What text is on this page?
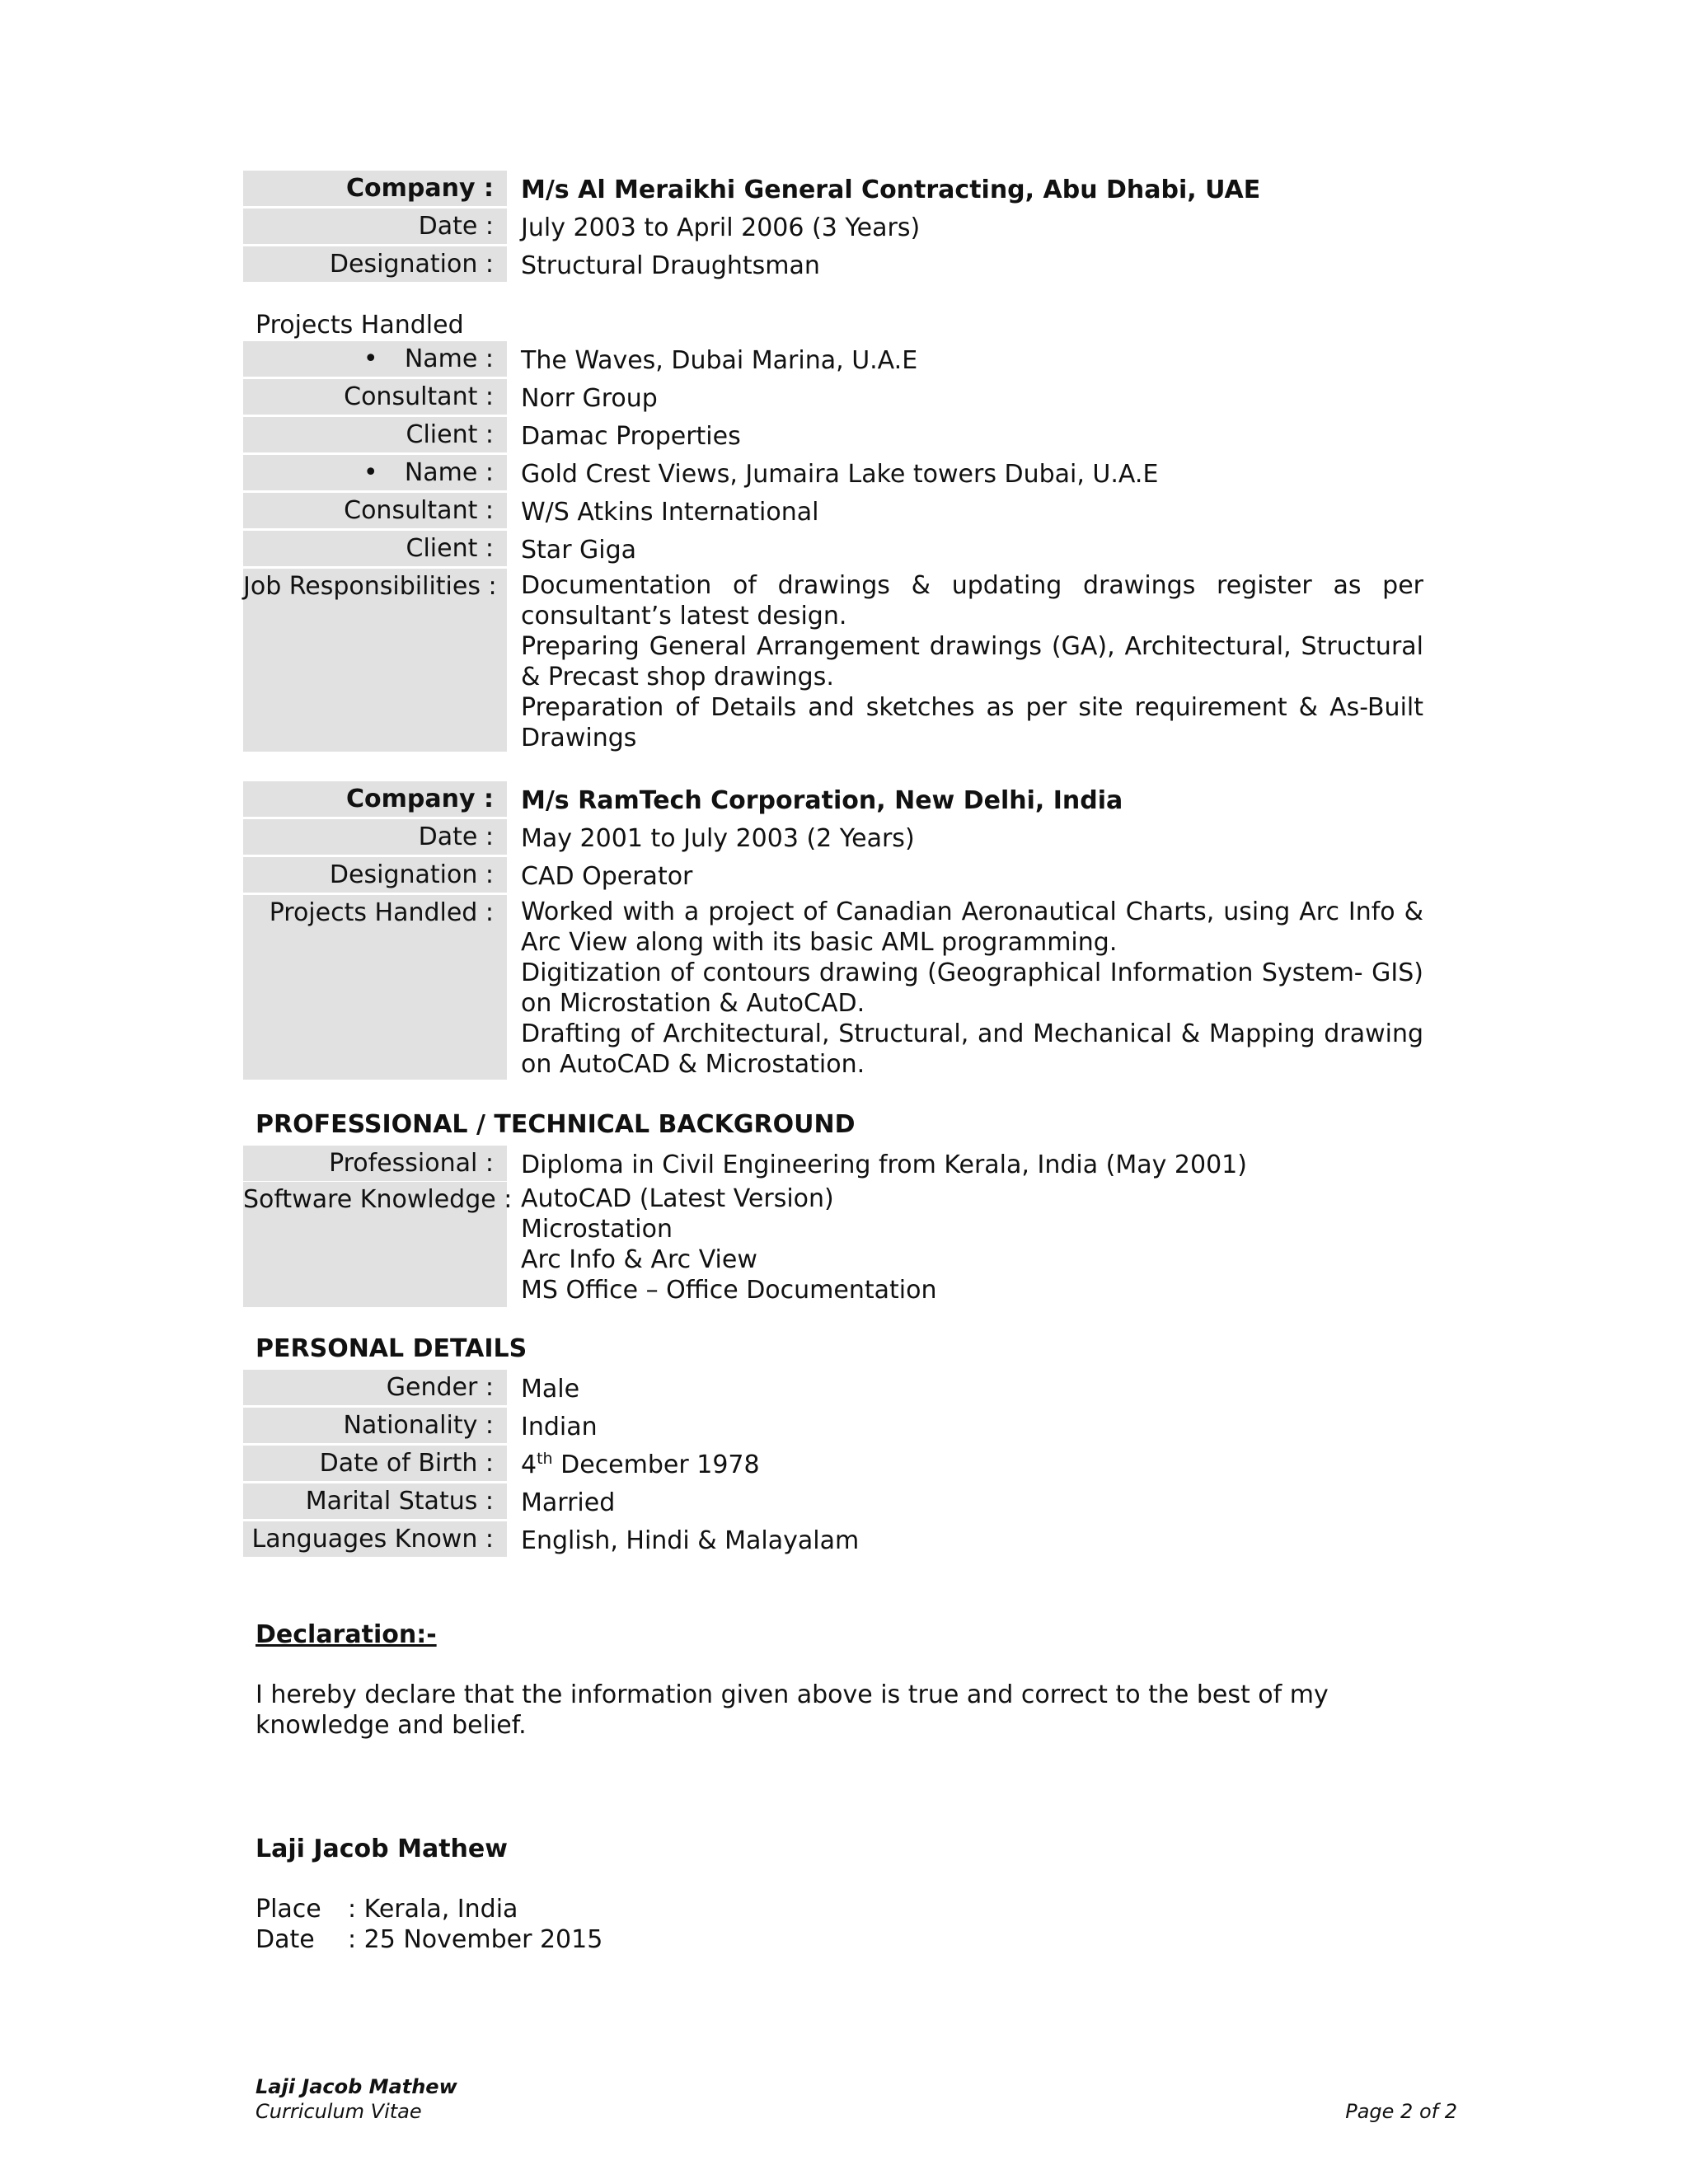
Company :	M/s Al Meraikhi General Contracting, Abu Dhabi, UAE
Date :	July 2003 to April 2006 (3 Years)
Designation :	Structural Draughtsman
Projects Handled
• Name :	The Waves, Dubai Marina, U.A.E
Consultant :	Norr Group
Client :	Damac Properties
• Name :	Gold Crest Views, Jumaira Lake towers Dubai, U.A.E
Consultant :	W/S Atkins International
Client :	Star Giga
Job Responsibilities : Documentation of drawings & updating drawings register as per consultant’s latest design.

Preparing General Arrangement drawings (GA), Architectural, Structural & Precast shop drawings.

Preparation of Details and sketches as per site requirement & As-Built Drawings

Company :	M/s RamTech Corporation, New Delhi, India
Date :	May 2001 to July 2003 (2 Years)
Designation :	CAD Operator
Projects Handled :	Worked with a project of Canadian Aeronautical Charts, using Arc Info & Arc View along with its basic AML programming.

Digitization of contours drawing (Geographical Information System- GIS) on Microstation & AutoCAD.

Drafting of Architectural, Structural, and Mechanical & Mapping drawing on AutoCAD & Microstation.

PROFESSIONAL / TECHNICAL BACKGROUND
Professional :	Diploma in Civil Engineering from Kerala, India (May 2001)
Software Knowledge : AutoCAD (Latest Version)

Microstation

Arc Info & Arc View

MS Office – Office Documentation

PERSONAL DETAILS
Gender :	Male
Nationality :	Indian
Date of Birth :	4th December 1978
Marital Status :	Married
Languages Known :	English, Hindi & Malayalam
Declaration:-
I hereby declare that the information given above is true and correct to the best of my knowledge and belief.
Laji Jacob Mathew
Place	: Kerala, India
Date	: 25 November 2015
Laji Jacob Mathew
Curriculum Vitae	Page 2 of 2
